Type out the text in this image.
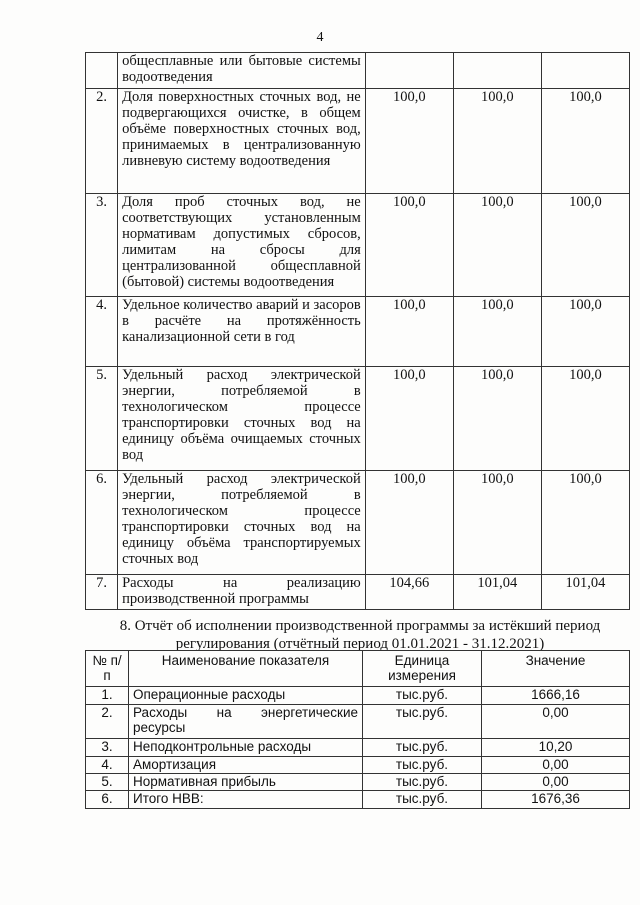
4
	общесплавные или бытовые системы водоотведения			
2.	Доля поверхностных сточных вод, не подвергающихся очистке, в общем объёме поверхностных сточных вод, принимаемых в централизованную ливневую систему водоотведения	100,0	100,0	100,0
3.	Доля проб сточных вод, не соответствующих установленным нормативам допустимых сбросов, лимитам на сбросы для централизованной общесплавной (бытовой) системы водоотведения	100,0	100,0	100,0
4.	Удельное количество аварий и засоров в расчёте на протяжённость канализационной сети в год	100,0	100,0	100,0
5.	Удельный расход электрической энергии, потребляемой в технологическом процессе транспортировки сточных вод на единицу объёма очищаемых сточных вод	100,0	100,0	100,0
6.	Удельный расход электрической энергии, потребляемой в технологическом процессе транспортировки сточных вод на единицу объёма транспортируемых сточных вод	100,0	100,0	100,0
7.	Расходы на реализацию производственной программы	104,66	101,04	101,04
8. Отчёт об исполнении производственной программы за истёкший период регулирования (отчётный период 01.01.2021 - 31.12.2021)
№ п/п	Наименование показателя	Единица измерения	Значение
1.	Операционные расходы	тыс.руб.	1666,16
2.	Расходы на энергетические ресурсы	тыс.руб.	0,00
3.	Неподконтрольные расходы	тыс.руб.	10,20
4.	Амортизация	тыс.руб.	0,00
5.	Нормативная прибыль	тыс.руб.	0,00
6.	Итого НВВ:	тыс.руб.	1676,36
